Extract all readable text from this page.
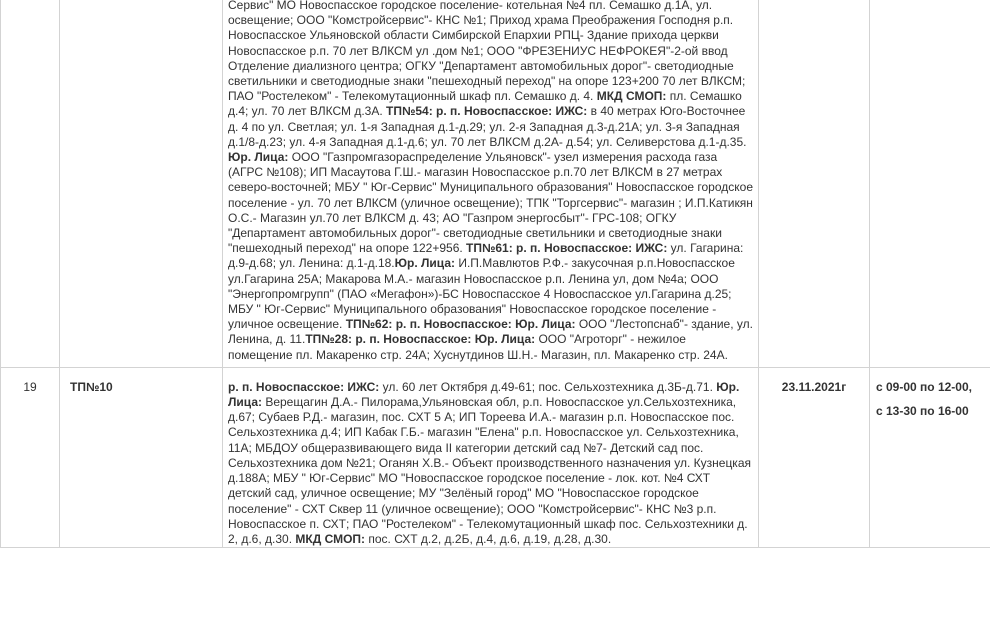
		Сервис" МО Новоспасское городское поселение- котельная №4 пл. Семашко д.1А, ул. освещение; ООО "Комстройсервис"- КНС №1; Приход храма Преображения Господня р.п. Новоспасское Ульяновской области Симбирской Епархии РПЦ- Здание прихода церкви Новоспасское р.п. 70 лет ВЛКСМ ул .дом №1; ООО "ФРЕЗЕНИУС НЕФРОКЕЯ"-2-ой ввод Отделение диализного центра; ОГКУ "Департамент автомобильных дорог"- светодиодные светильники и светодиодные знаки "пешеходный переход" на опоре 123+200 70 лет ВЛКСМ; ПАО "Ростелеком" - Телекомутационный шкаф пл. Семашко д. 4. МКД СМОП: пл. Семашко д.4; ул. 70 лет ВЛКСМ д.3А. ТП№54: р. п. Новоспасское: ИЖС: в 40 метрах Юго-Восточнее д. 4 по ул. Светлая; ул. 1-я Западная д.1-д.29; ул. 2-я Западная д.3-д.21А; ул. 3-я Западная д.1/8-д.23; ул. 4-я Западная д.1-д.6; ул. 70 лет ВЛКСМ д.2А- д.54; ул. Селиверстова д.1-д.35. Юр. Лица: ООО "Газпромгазораспределение Ульяновск"- узел измерения расхода газа (АГРС №108); ИП Масаутова Г.Ш.- магазин Новоспасское р.п.70 лет ВЛКСМ в 27 метрах северо-восточней; МБУ " Юг-Сервис" Муниципального образования" Новоспасское городское поселение - ул. 70 лет ВЛКСМ (уличное освещение); ТПК "Торгсервис"- магазин ; И.П.Катикян О.С.- Магазин ул.70 лет ВЛКСМ д. 43; АО "Газпром энергосбыт"- ГРС-108; ОГКУ "Департамент автомобильных дорог"- светодиодные светильники и светодиодные знаки "пешеходный переход" на опоре 122+956. ТП№61: р. п. Новоспасское: ИЖС: ул. Гагарина: д.9-д.68; ул. Ленина: д.1-д.18.Юр. Лица: И.П.Мавлютов Р.Ф.- закусочная р.п.Новоспасское ул.Гагарина 25А; Макарова М.А.- магазин Новоспасское р.п. Ленина ул, дом №4а; ООО "Энергопромгрупп" (ПАО «Мегафон»)-БС Новоспасское 4 Новоспасское ул.Гагарина д.25; МБУ " Юг-Сервис" Муниципального образования" Новоспасское городское поселение - уличное освещение. ТП№62: р. п. Новоспасское: Юр. Лица: ООО "Лестопснаб"- здание, ул. Ленина, д. 11.ТП№28: р. п. Новоспасское: Юр. Лица: ООО "Агроторг" - нежилое помещение пл. Макаренко стр. 24А; Хуснутдинов Ш.Н.- Магазин, пл. Макаренко стр. 24А.			
19	ТП№10	р. п. Новоспасское: ИЖС: ул. 60 лет Октября д.49-61; пос. Сельхозтехника д.3Б-д.71. Юр. Лица: Верещагин Д.А.- Пилорама,Ульяновская обл, р.п. Новоспасское ул.Сельхозтехника, д.67; Субаев Р.Д.- магазин, пос. СХТ 5 А; ИП Тореева И.А.- магазин р.п. Новоспасское пос. Сельхозтехника д.4; ИП Кабак Г.Б.- магазин "Елена" р.п. Новоспасское ул. Сельхозтехника, 11А; МБДОУ общеразвивающего вида II категории детский сад №7- Детский сад пос. Сельхозтехника дом №21; Оганян Х.В.- Объект производственного назначения ул. Кузнецкая д.188А; МБУ " Юг-Сервис" МО "Новоспасское городское поселение - лок. кот. №4 СХТ детский сад, уличное освещение; МУ "Зелёный город" МО "Новоспасское городское поселение" - СХТ Сквер 11 (уличное освещение); ООО "Комстройсервис"- КНС №3 р.п. Новоспасское п. СХТ; ПАО "Ростелеком" - Телекомутационный шкаф пос. Сельхозтехники д. 2, д.6, д.30. МКД СМОП: пос. СХТ д.2, д.2Б, д.4, д.6, д.19, д.28, д.30.	23.11.2021г	с 09-00 по 12-00,
с 13-30 по 16-00	
